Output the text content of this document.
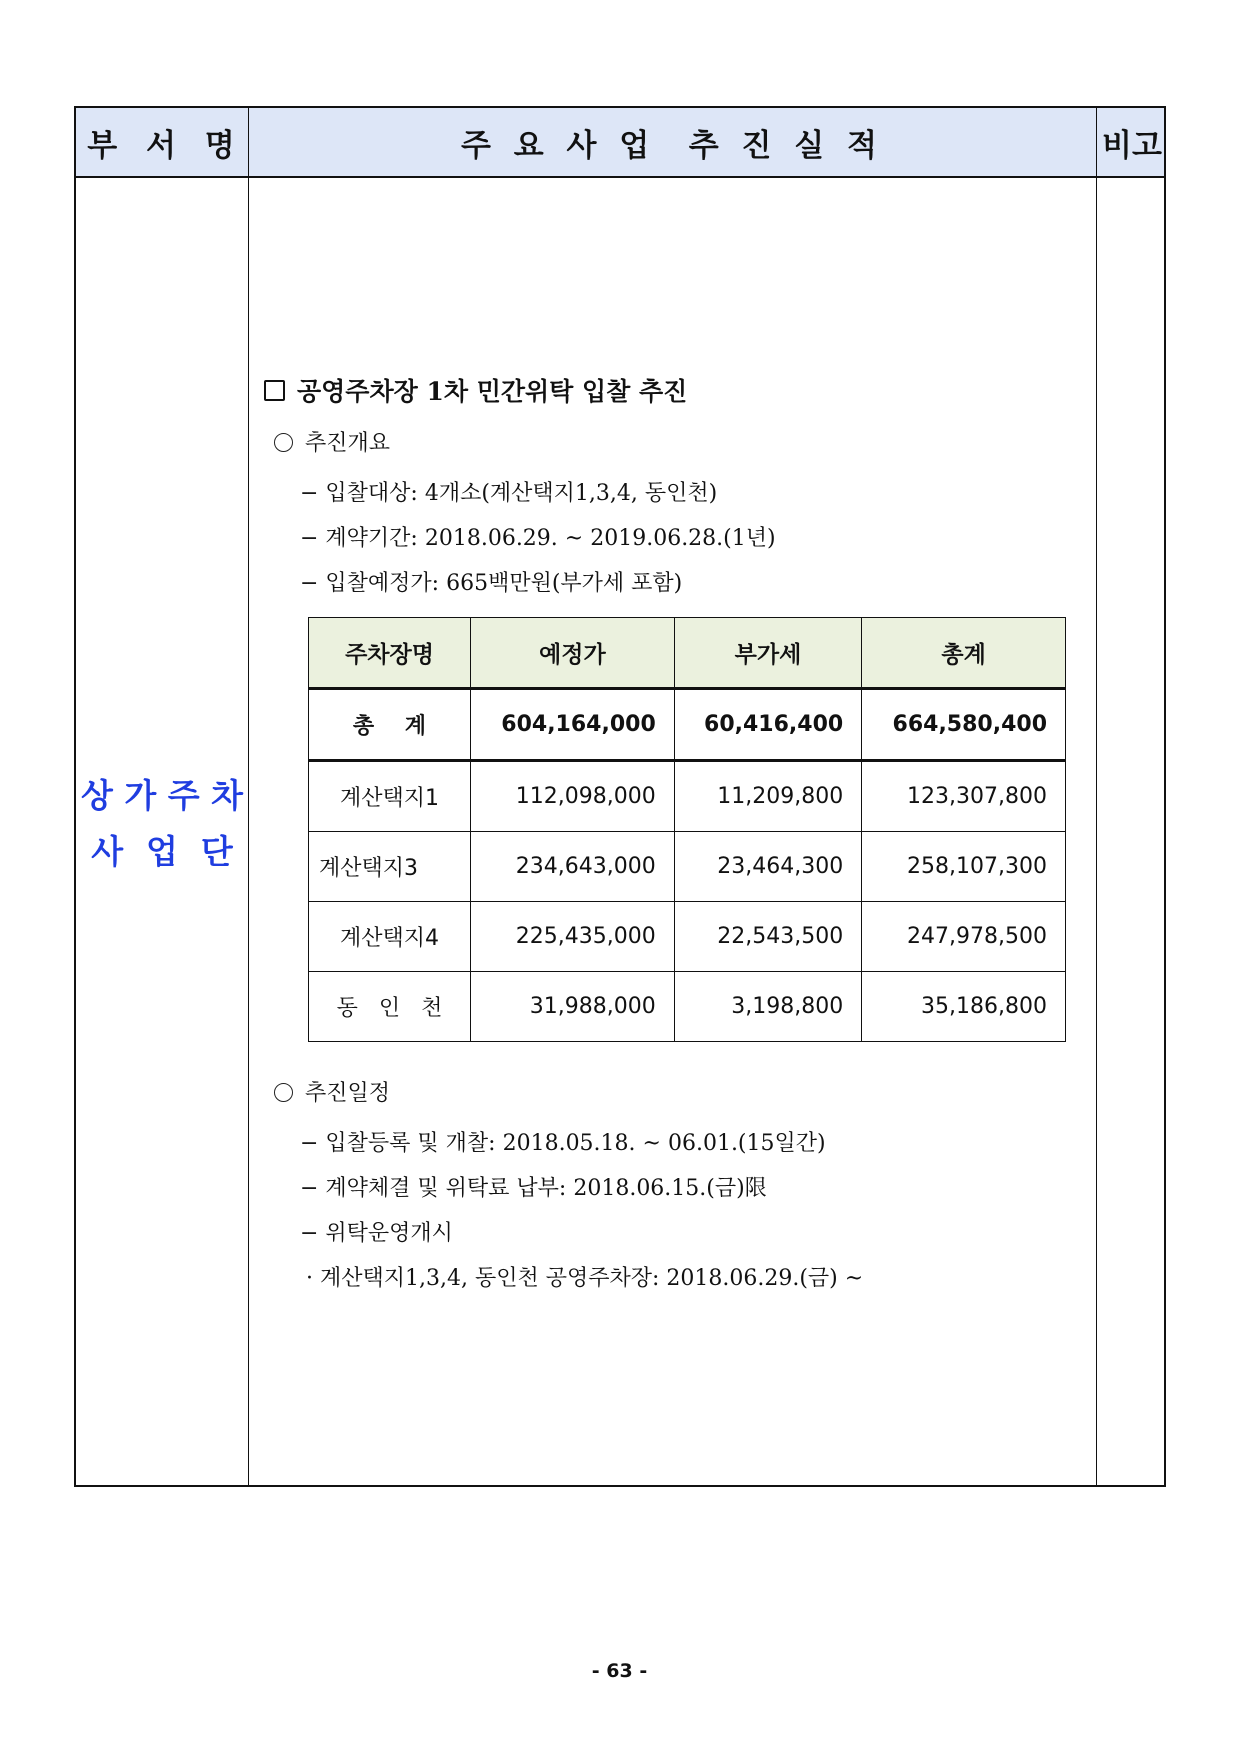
부 서 명	주 요 사 업  추 진 실 적	비고
상 가 주 차
사  업  단
공영주차장 1차 민간위탁 입찰 추진
추진개요
− 입찰대상: 4개소(계산택지1,3,4, 동인천)
− 계약기간: 2018.06.29. ~ 2019.06.28.(1년)
− 입찰예정가: 665백만원(부가세 포함)
주차장명	예정가	부가세	총계
총    계	604,164,000	60,416,400	664,580,400
계산택지1	112,098,000	11,209,800	123,307,800
계산택지3	234,643,000	23,464,300	258,107,300
계산택지4	225,435,000	22,543,500	247,978,500
동   인   천	31,988,000	3,198,800	35,186,800
추진일정
− 입찰등록 및 개찰: 2018.05.18. ~ 06.01.(15일간)
− 계약체결 및 위탁료 납부: 2018.06.15.(금)限
− 위탁운영개시
· 계산택지1,3,4, 동인천 공영주차장: 2018.06.29.(금) ~
- 63 -
